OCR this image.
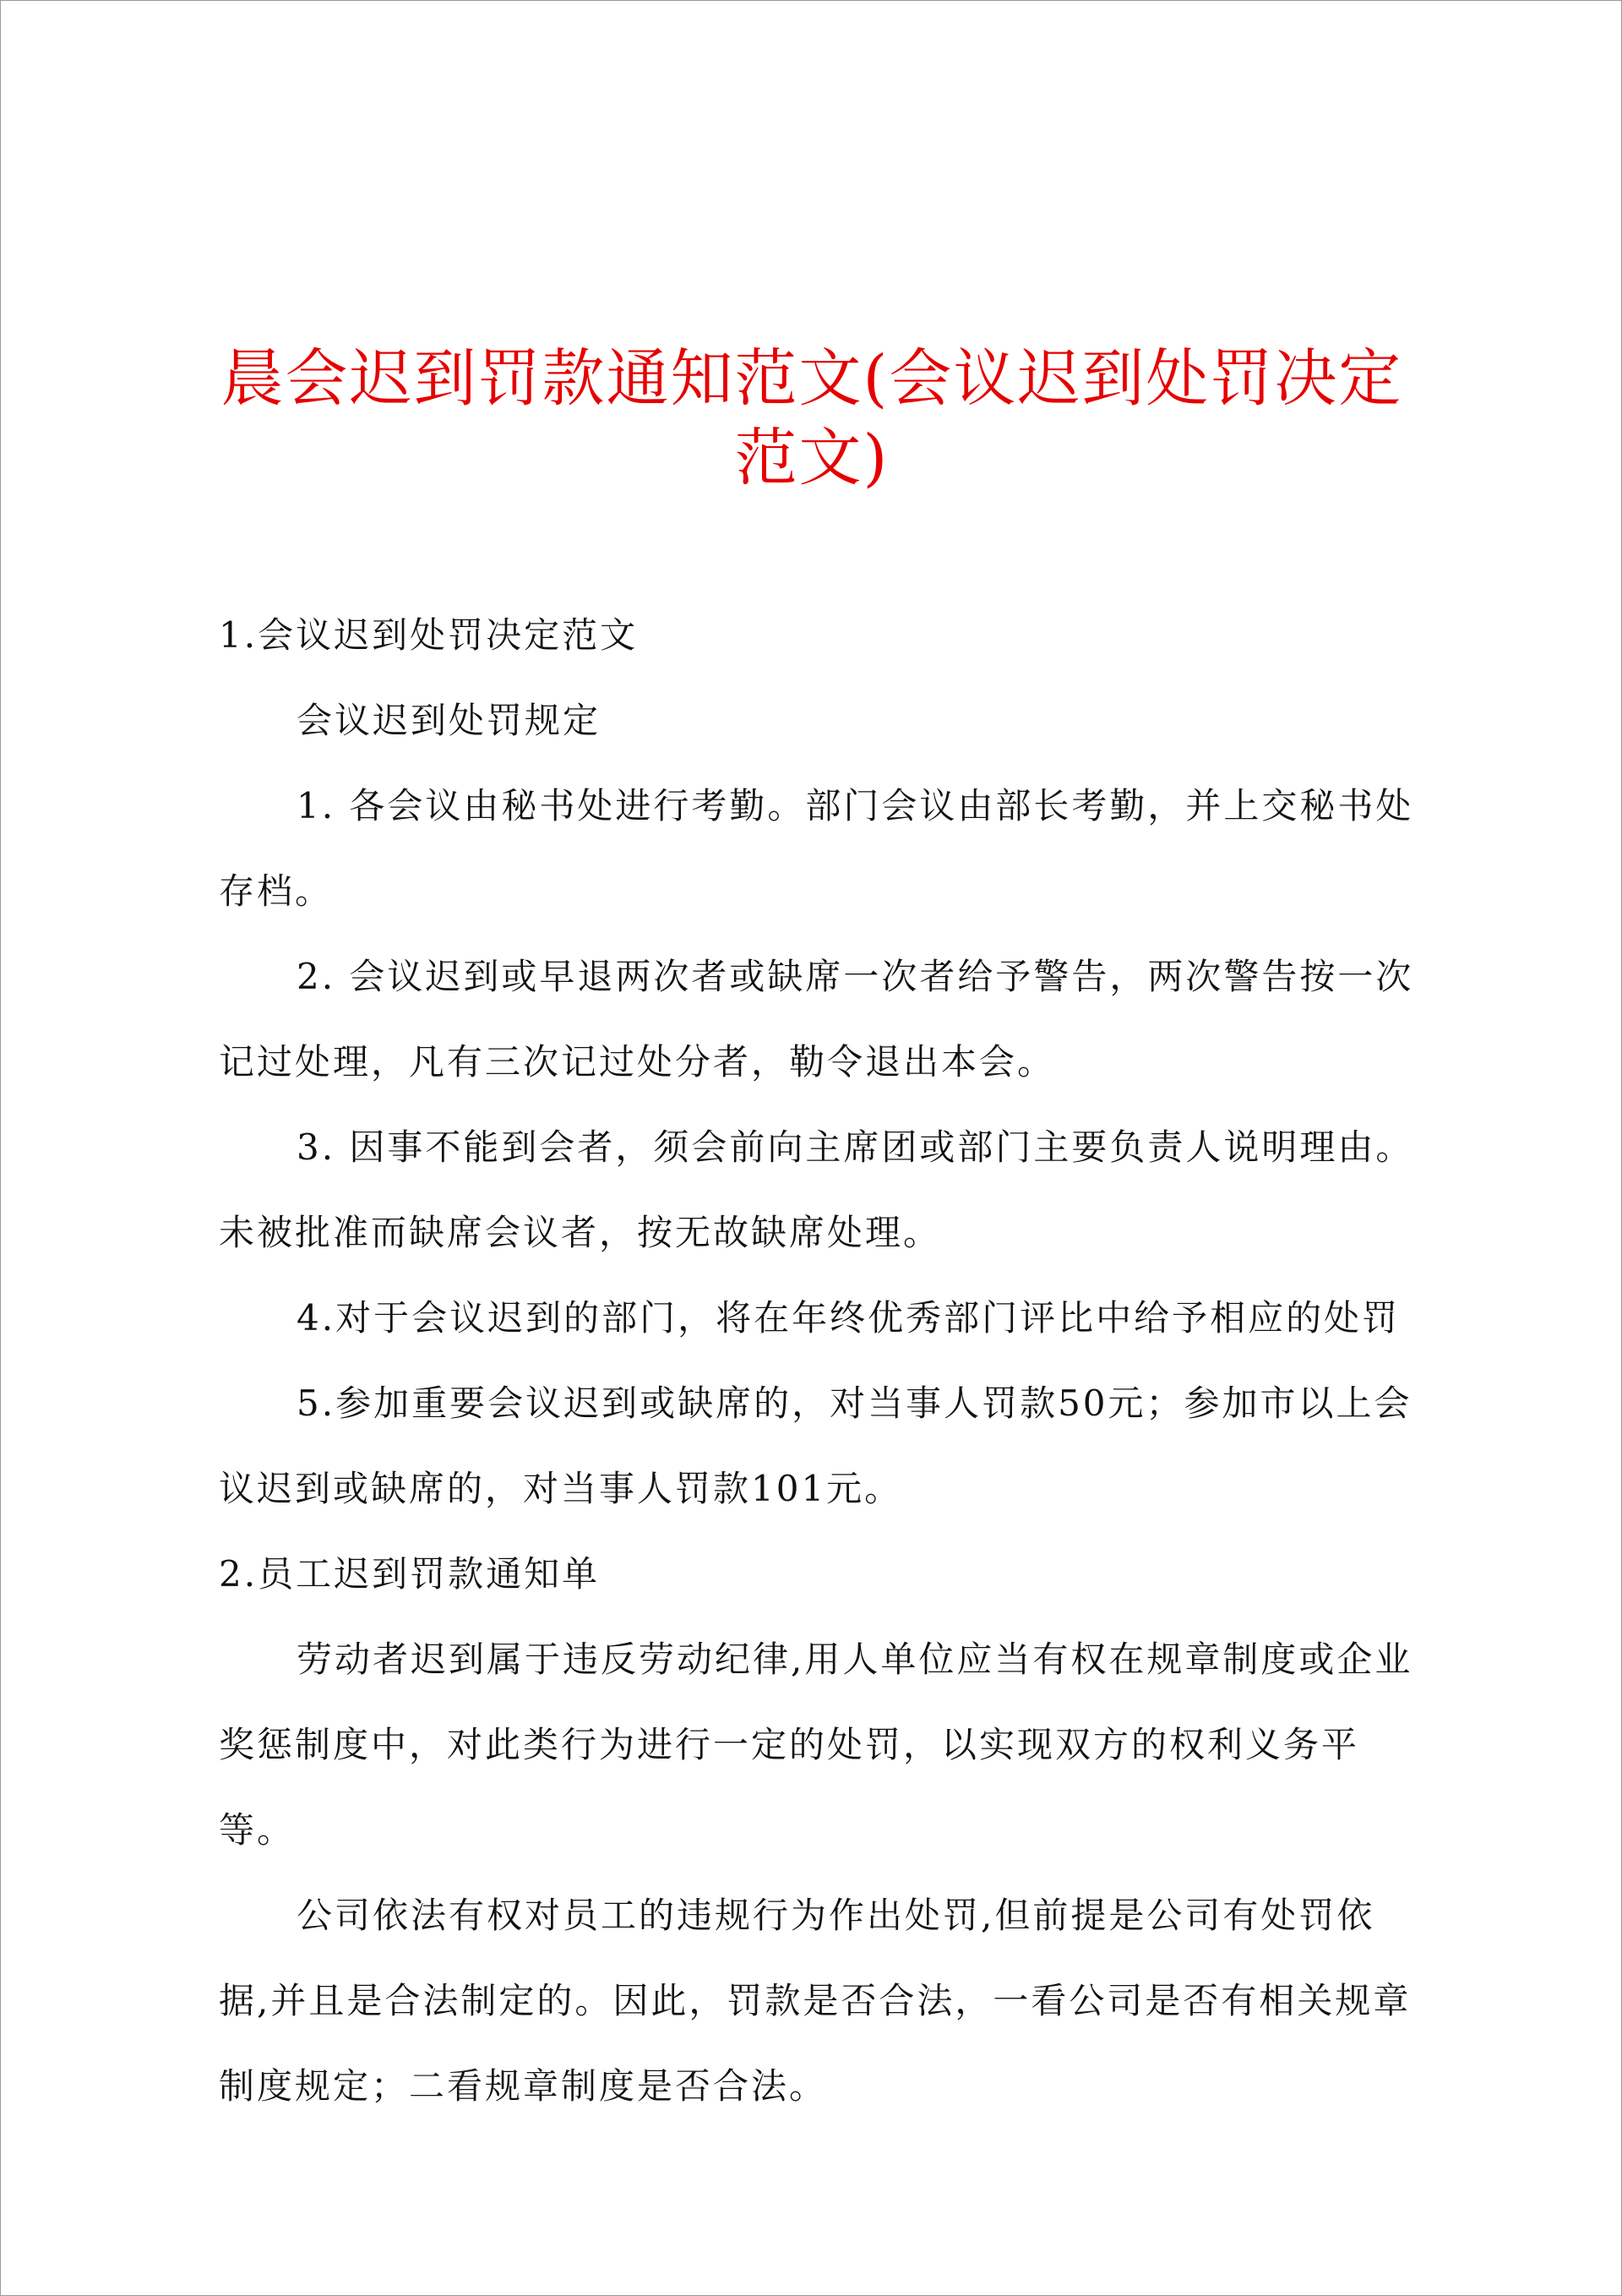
晨会迟到罚款通知范文(会议迟到处罚决定范文)

1.会议迟到处罚决定范文

会议迟到处罚规定

1. 各会议由秘书处进行考勤。部门会议由部长考勤，并上交秘书处存档。

2. 会议迟到或早退两次者或缺席一次者给予警告，两次警告按一次记过处理，凡有三次记过处分者，勒令退出本会。

3. 因事不能到会者，须会前向主席团或部门主要负责人说明理由。未被批准而缺席会议者，按无故缺席处理。

4.对于会议迟到的部门，将在年终优秀部门评比中给予相应的处罚

5.参加重要会议迟到或缺席的，对当事人罚款50元；参加市以上会议迟到或缺席的，对当事人罚款101元。

2.员工迟到罚款通知单

劳动者迟到属于违反劳动纪律,用人单位应当有权在规章制度或企业奖惩制度中，对此类行为进行一定的处罚，以实现双方的权利义务平等。

公司依法有权对员工的违规行为作出处罚,但前提是公司有处罚依据,并且是合法制定的。因此，罚款是否合法，一看公司是否有相关规章制度规定；二看规章制度是否合法。
